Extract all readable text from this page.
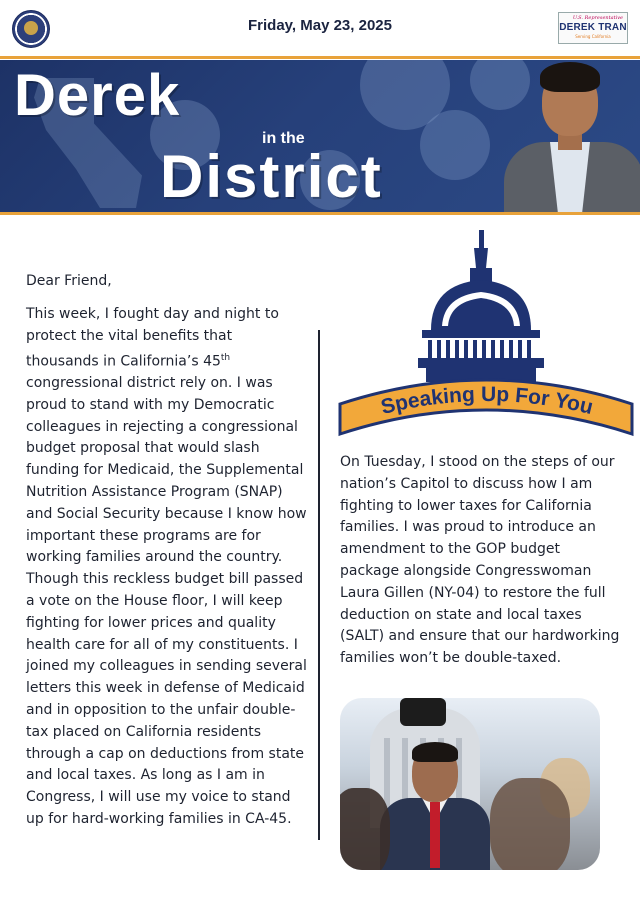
Friday, May 23, 2025	U.S. Representative
DEREK TRAN
Serving California
Derek
in the
District
Dear Friend,
This week, I fought day and night to protect the vital benefits that thousands in California’s 45th congressional district rely on. I was proud to stand with my Democratic colleagues in rejecting a congressional budget proposal that would slash funding for Medicaid, the Supplemental Nutrition Assistance Program (SNAP) and Social Security because I know how important these programs are for working families around the country. Though this reckless budget bill passed a vote on the House floor, I will keep fighting for lower prices and quality health care for all of my constituents. I joined my colleagues in sending several letters this week in defense of Medicaid and in opposition to the unfair double-tax placed on California residents through a cap on deductions from state and local taxes. As long as I am in Congress, I will use my voice to stand up for hard-working families in CA-45.
Speaking Up For You
On Tuesday, I stood on the steps of our nation’s Capitol to discuss how I am fighting to lower taxes for California families. I was proud to introduce an amendment to the GOP budget package alongside Congresswoman Laura Gillen (NY-04) to restore the full deduction on state and local taxes (SALT) and ensure that our hardworking families won’t be double-taxed.
